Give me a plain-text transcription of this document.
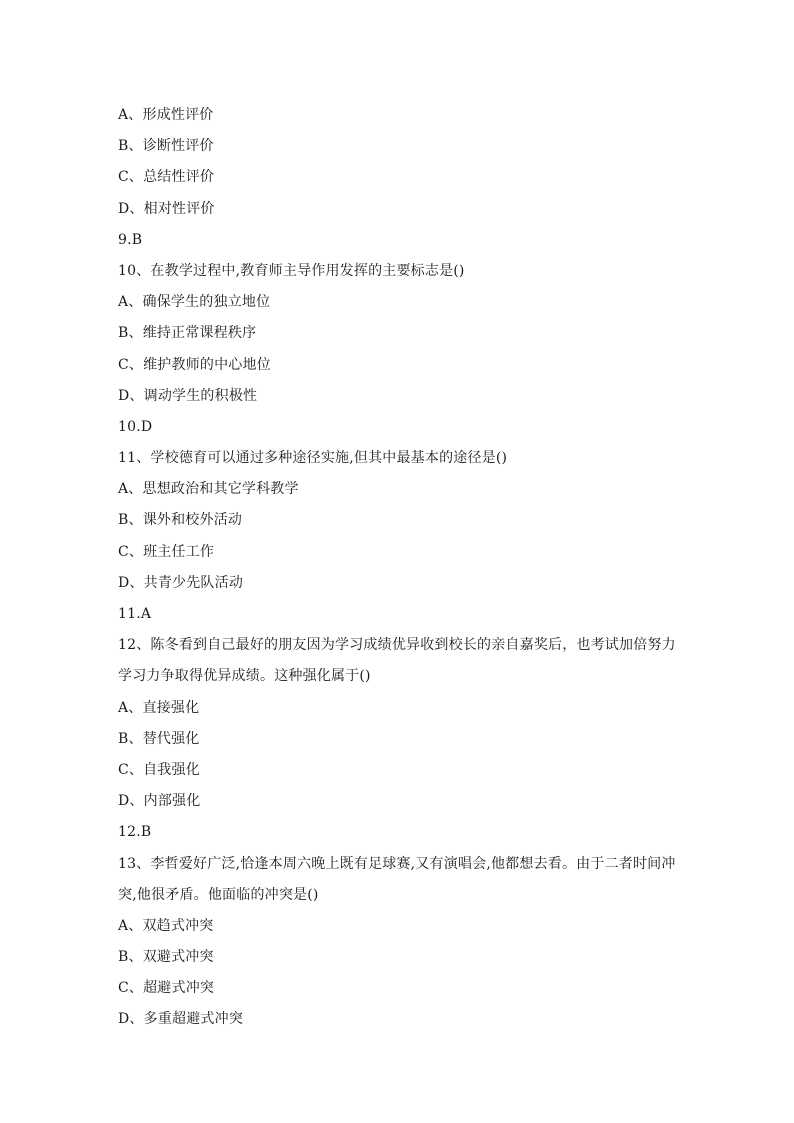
A、形成性评价
B、诊断性评价
C、总结性评价
D、相对性评价
9.B
10、在教学过程中,教育师主导作用发挥的主要标志是()
A、确保学生的独立地位
B、维持正常课程秩序
C、维护教师的中心地位
D、调动学生的积极性
10.D
11、学校德育可以通过多种途径实施,但其中最基本的途径是()
A、思想政治和其它学科教学
B、课外和校外活动
C、班主任工作
D、共青少先队活动
11.A
12、陈冬看到自己最好的朋友因为学习成绩优异收到校长的亲自嘉奖后，也考试加倍努力
学习力争取得优异成绩。这种强化属于()
A、直接强化
B、替代强化
C、自我强化
D、内部强化
12.B
13、李哲爱好广泛,恰逢本周六晚上既有足球赛,又有演唱会,他都想去看。由于二者时间冲
突,他很矛盾。他面临的冲突是()
A、双趋式冲突
B、双避式冲突
C、超避式冲突
D、多重超避式冲突
